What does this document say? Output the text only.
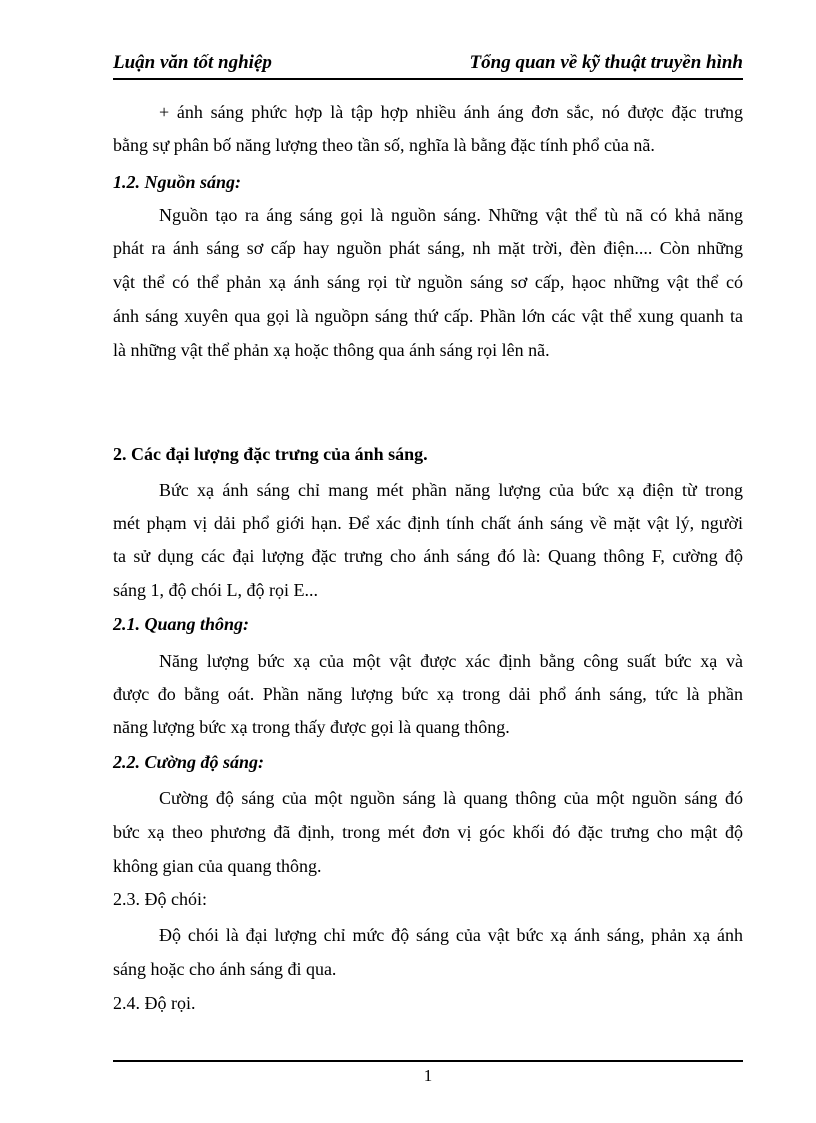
Luận văn tốt nghiệp	Tổng quan về kỹ thuật truyền hình
+ ánh sáng phức hợp là tập hợp nhiều ánh áng đơn sắc, nó được đặc trưng
bằng sự phân bố năng lượng theo tần số, nghĩa là bằng đặc tính phổ của nã.
1.2. Nguồn sáng:
Nguồn tạo ra áng sáng gọi là nguồn sáng. Những vật thể tù nã có khả năng
phát ra ánh sáng sơ cấp hay nguồn phát sáng, nh mặt trời, đèn điện.... Còn những
vật thể có thể phản xạ ánh sáng rọi từ nguồn sáng sơ cấp, hạoc những vật thể có
ánh sáng xuyên qua gọi là nguồpn sáng thứ cấp. Phần lớn các vật thể xung quanh ta
là những vật thể phản xạ hoặc thông qua ánh sáng rọi lên nã.
2. Các đại lượng đặc trưng của ánh sáng.
Bức xạ ánh sáng chỉ mang mét phần năng lượng của bức xạ điện từ trong
mét phạm vị dải phổ giới hạn. Để xác định tính chất ánh sáng về mặt vật lý, người
ta sử dụng các đại lượng đặc trưng cho ánh sáng đó là: Quang thông F, cường độ
sáng 1, độ chói L, độ rọi E...
2.1. Quang thông:
Năng lượng bức xạ của một vật được xác định bằng công suất bức xạ và
được đo bằng oát. Phần năng lượng bức xạ trong dải phổ ánh sáng, tức là phần
năng lượng bức xạ trong thấy được gọi là quang thông.
2.2. Cường độ sáng:
Cường độ sáng của một nguồn sáng là quang thông của một nguồn sáng đó
bức xạ theo phương đã định, trong mét đơn vị góc khối đó đặc trưng cho mật độ
không gian của quang thông.
2.3. Độ chói:
Độ chói là đại lượng chỉ mức độ sáng của vật bức xạ ánh sáng, phản xạ ánh
sáng hoặc cho ánh sáng đi qua.
2.4. Độ rọi.
1
